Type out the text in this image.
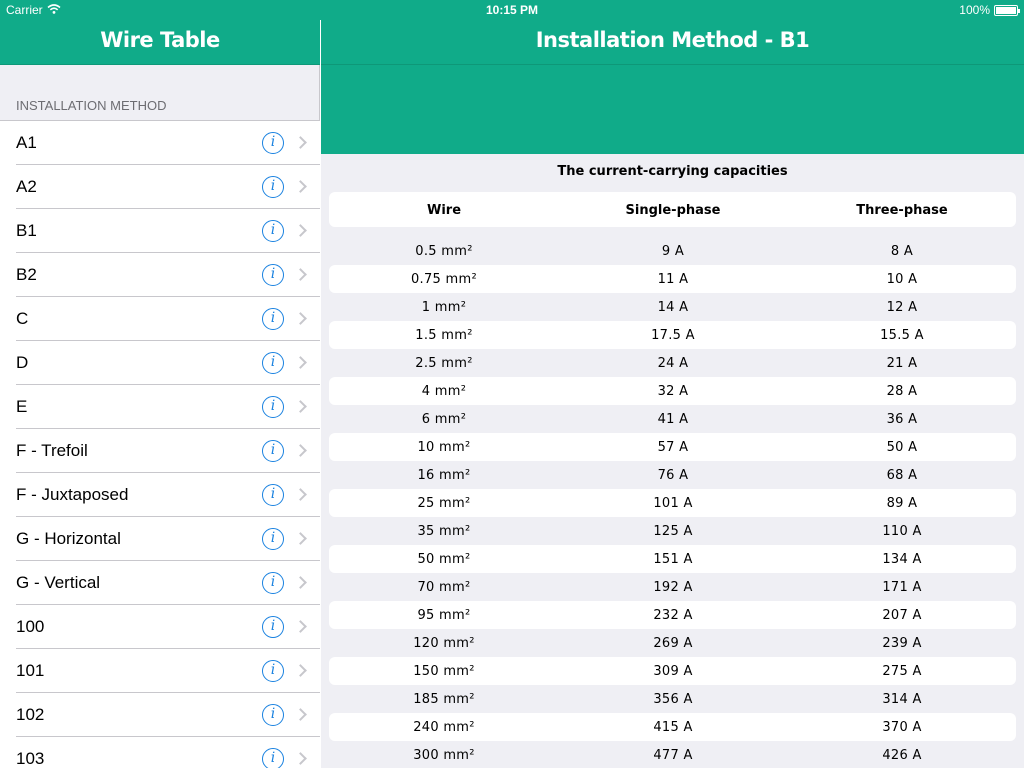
Wire Table
INSTALLATION METHOD
A1	i
A2	i
B1	i
B2	i
C	i
D	i
E	i
F - Trefoil	i
F - Juxtaposed	i
G - Horizontal	i
G - Vertical	i
100	i
101	i
102	i
103	i
Installation Method - B1
The current-carrying capacities
Wire	Single-phase	Three-phase
0.5 mm²	9 A	8 A
0.75 mm²	11 A	10 A
1 mm²	14 A	12 A
1.5 mm²	17.5 A	15.5 A
2.5 mm²	24 A	21 A
4 mm²	32 A	28 A
6 mm²	41 A	36 A
10 mm²	57 A	50 A
16 mm²	76 A	68 A
25 mm²	101 A	89 A
35 mm²	125 A	110 A
50 mm²	151 A	134 A
70 mm²	192 A	171 A
95 mm²	232 A	207 A
120 mm²	269 A	239 A
150 mm²	309 A	275 A
185 mm²	356 A	314 A
240 mm²	415 A	370 A
300 mm²	477 A	426 A
Carrier	10:15 PM	100%
